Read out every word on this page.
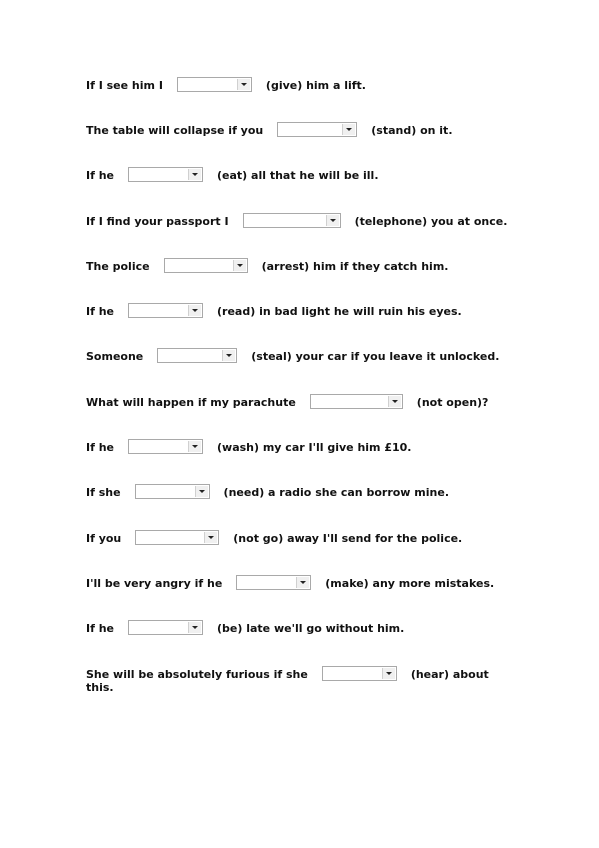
If I see him I	(give) him a lift.
The table will collapse if you	(stand) on it.
If he	(eat) all that he will be ill.
If I find your passport I	(telephone) you at once.
The police	(arrest) him if they catch him.
If he	(read) in bad light he will ruin his eyes.
Someone	(steal) your car if you leave it unlocked.
What will happen if my parachute	(not open)?
If he	(wash) my car I'll give him £10.
If she	(need) a radio she can borrow mine.
If you	(not go) away I'll send for the police.
I'll be very angry if he	(make) any more mistakes.
If he	(be) late we'll go without him.
She will be absolutely furious if she	(hear) about this.
